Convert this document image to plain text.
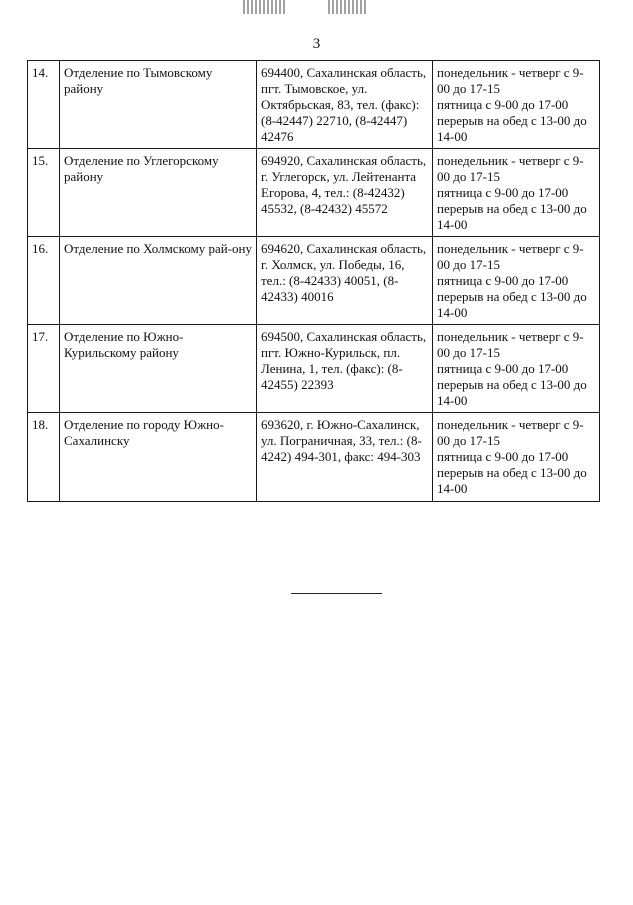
3
14.	Отделение по Тымовскому району	694400, Сахалинская область, пгт. Тымовское, ул. Октябрьская, 83, тел. (факс): (8-42447) 22710, (8-42447) 42476	понедельник - четверг с 9-00 до 17-15
пятница с 9-00 до 17-00
перерыв на обед с 13-00 до 14-00

15.	Отделение по Углегорскому району	694920, Сахалинская область, г. Углегорск, ул. Лейтенанта Егорова, 4, тел.: (8-42432) 45532, (8-42432) 45572	понедельник - четверг с 9-00 до 17-15
пятница с 9-00 до 17-00
перерыв на обед с 13-00 до 14-00

16.	Отделение по Холмскому рай-ону	694620, Сахалинская область, г. Холмск, ул. Победы, 16, тел.: (8-42433) 40051, (8-42433) 40016	понедельник - четверг с 9-00 до 17-15
пятница с 9-00 до 17-00
перерыв на обед с 13-00 до 14-00

17.	Отделение по Южно-Курильскому району	694500, Сахалинская область, пгт. Южно-Курильск, пл. Ленина, 1, тел. (факс): (8-42455) 22393	понедельник - четверг с 9-00 до 17-15
пятница с 9-00 до 17-00
перерыв на обед с 13-00 до 14-00

18.	Отделение по городу Южно-Сахалинску	693620, г. Южно-Сахалинск, ул. Пограничная, 33, тел.: (8-4242) 494-301, факс: 494-303	понедельник - четверг с 9-00 до 17-15
пятница с 9-00 до 17-00
перерыв на обед с 13-00 до 14-00
